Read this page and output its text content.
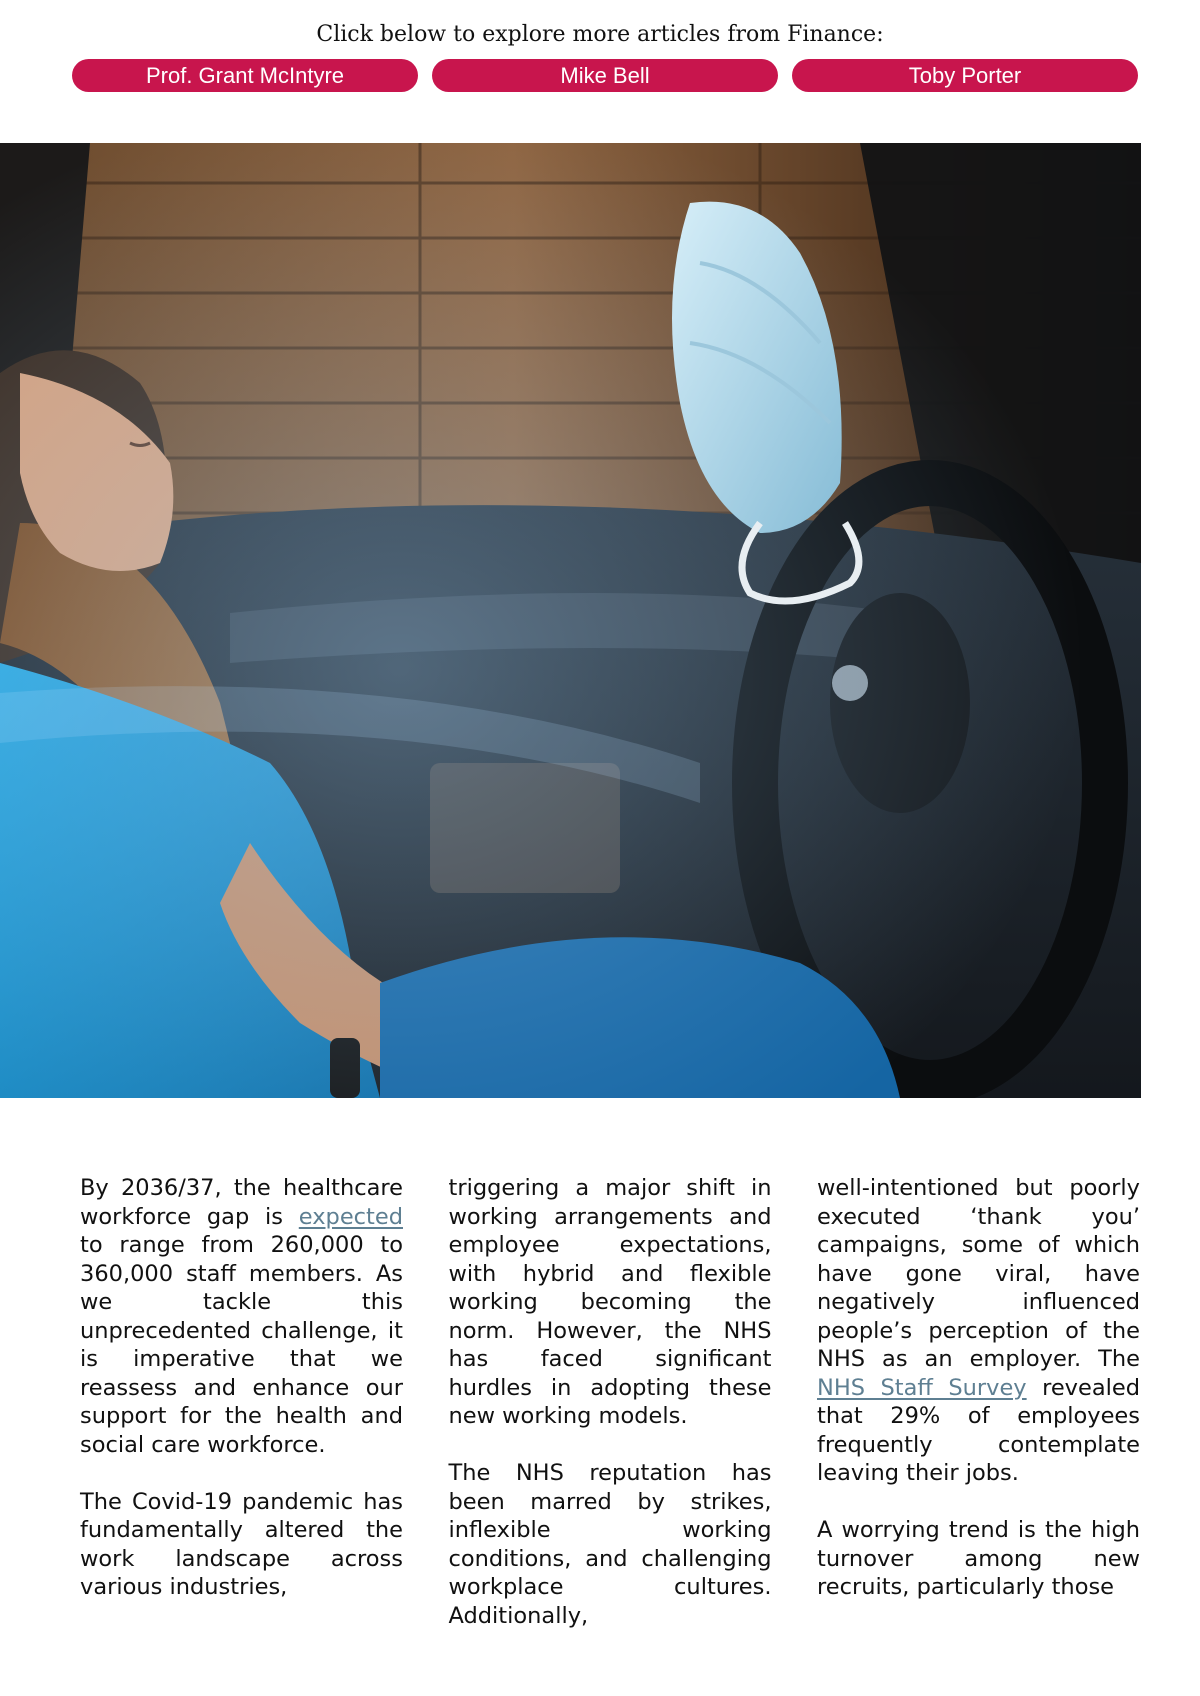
Click below to explore more articles from Finance:
Prof. Grant McIntyre	Mike Bell	Toby Porter

By 2036/37, the healthcare workforce gap is expected to range from 260,000 to 360,000 staff members. As we tackle this unprecedented challenge, it is imperative that we reassess and enhance our support for the health and social care workforce.

The Covid-19 pandemic has fundamentally altered the work landscape across various industries,

triggering a major shift in working arrangements and employee expectations, with hybrid and flexible working becoming the norm. However, the NHS has faced significant hurdles in adopting these new working models.

The NHS reputation has been marred by strikes, inflexible working conditions, and challenging workplace cultures. Additionally,

well-intentioned but poorly executed ‘thank you’ campaigns, some of which have gone viral, have negatively influenced people’s perception of the NHS as an employer. The NHS Staff Survey revealed that 29% of employees frequently contemplate leaving their jobs.

A worrying trend is the high turnover among new recruits, particularly those
